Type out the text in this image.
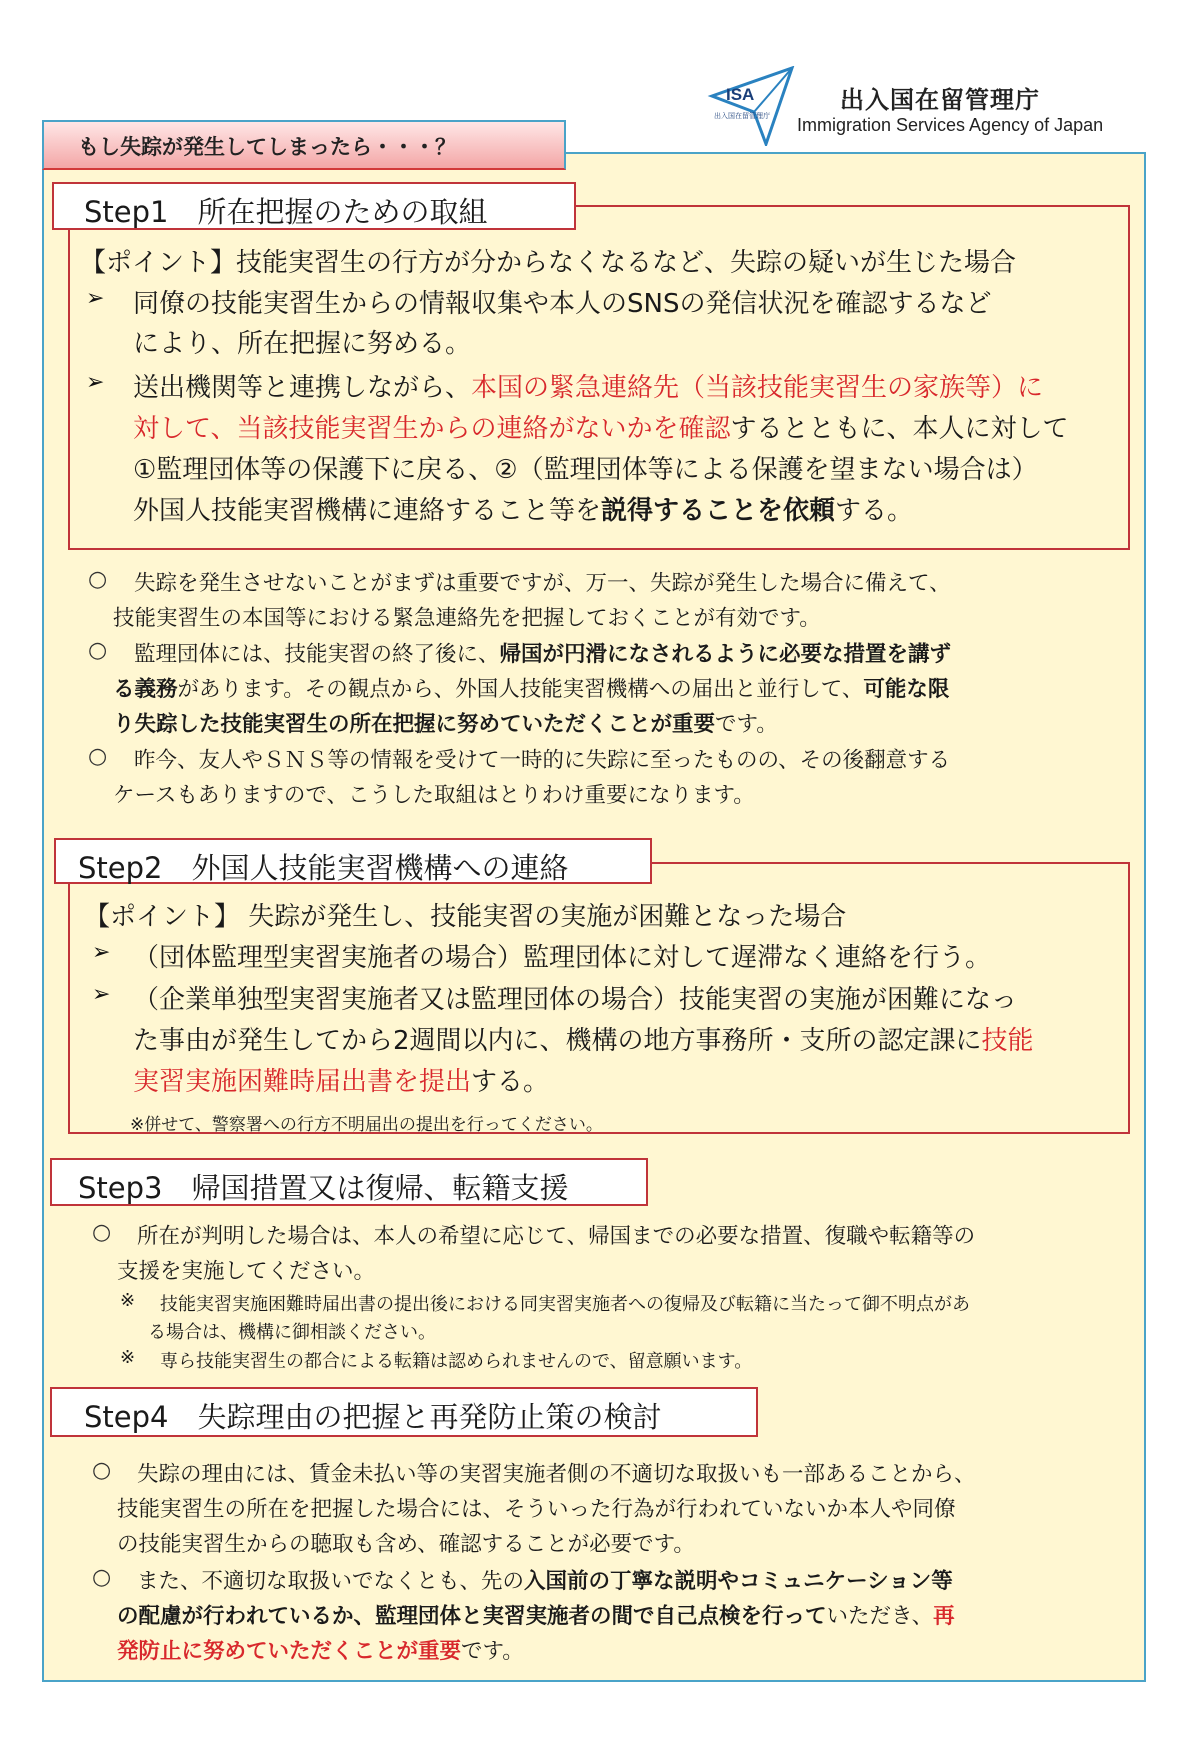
ISA
出入国在留管理庁
出入国在留管理庁
Immigration Services Agency of Japan
もし失踪が発生してしまったら・・・？
Step1　所在把握のための取組
【ポイント】技能実習生の行方が分からなくなるなど、失踪の疑いが生じた場合
➢ 同僚の技能実習生からの情報収集や本人のSNSの発信状況を確認するなど
により、所在把握に努める。
➢ 送出機関等と連携しながら、本国の緊急連絡先（当該技能実習生の家族等）に
対して、当該技能実習生からの連絡がないかを確認するとともに、本人に対して
①監理団体等の保護下に戻る、②（監理団体等による保護を望まない場合は）
外国人技能実習機構に連絡すること等を説得することを依頼する。
○ 失踪を発生させないことがまずは重要ですが、万一、失踪が発生した場合に備えて、
技能実習生の本国等における緊急連絡先を把握しておくことが有効です。
○ 監理団体には、技能実習の終了後に、帰国が円滑になされるように必要な措置を講ず
る義務があります。その観点から、外国人技能実習機構への届出と並行して、可能な限
り失踪した技能実習生の所在把握に努めていただくことが重要です。
○ 昨今、友人やＳＮＳ等の情報を受けて一時的に失踪に至ったものの、その後翻意する
ケースもありますので、こうした取組はとりわけ重要になります。
Step2　外国人技能実習機構への連絡
【ポイント】 失踪が発生し、技能実習の実施が困難となった場合
➢ （団体監理型実習実施者の場合）監理団体に対して遅滞なく連絡を行う。
➢ （企業単独型実習実施者又は監理団体の場合）技能実習の実施が困難になっ
た事由が発生してから2週間以内に、機構の地方事務所・支所の認定課に技能
実習実施困難時届出書を提出する。
※併せて、警察署への行方不明届出の提出を行ってください。
Step3　帰国措置又は復帰、転籍支援
○ 所在が判明した場合は、本人の希望に応じて、帰国までの必要な措置、復職や転籍等の
支援を実施してください。
※ 技能実習実施困難時届出書の提出後における同実習実施者への復帰及び転籍に当たって御不明点があ
る場合は、機構に御相談ください。
※ 専ら技能実習生の都合による転籍は認められませんので、留意願います。
Step4　失踪理由の把握と再発防止策の検討
○ 失踪の理由には、賃金未払い等の実習実施者側の不適切な取扱いも一部あることから、
技能実習生の所在を把握した場合には、そういった行為が行われていないか本人や同僚
の技能実習生からの聴取も含め、確認することが必要です。
○ また、不適切な取扱いでなくとも、先の入国前の丁寧な説明やコミュニケーション等
の配慮が行われているか、監理団体と実習実施者の間で自己点検を行っていただき、再
発防止に努めていただくことが重要です。
